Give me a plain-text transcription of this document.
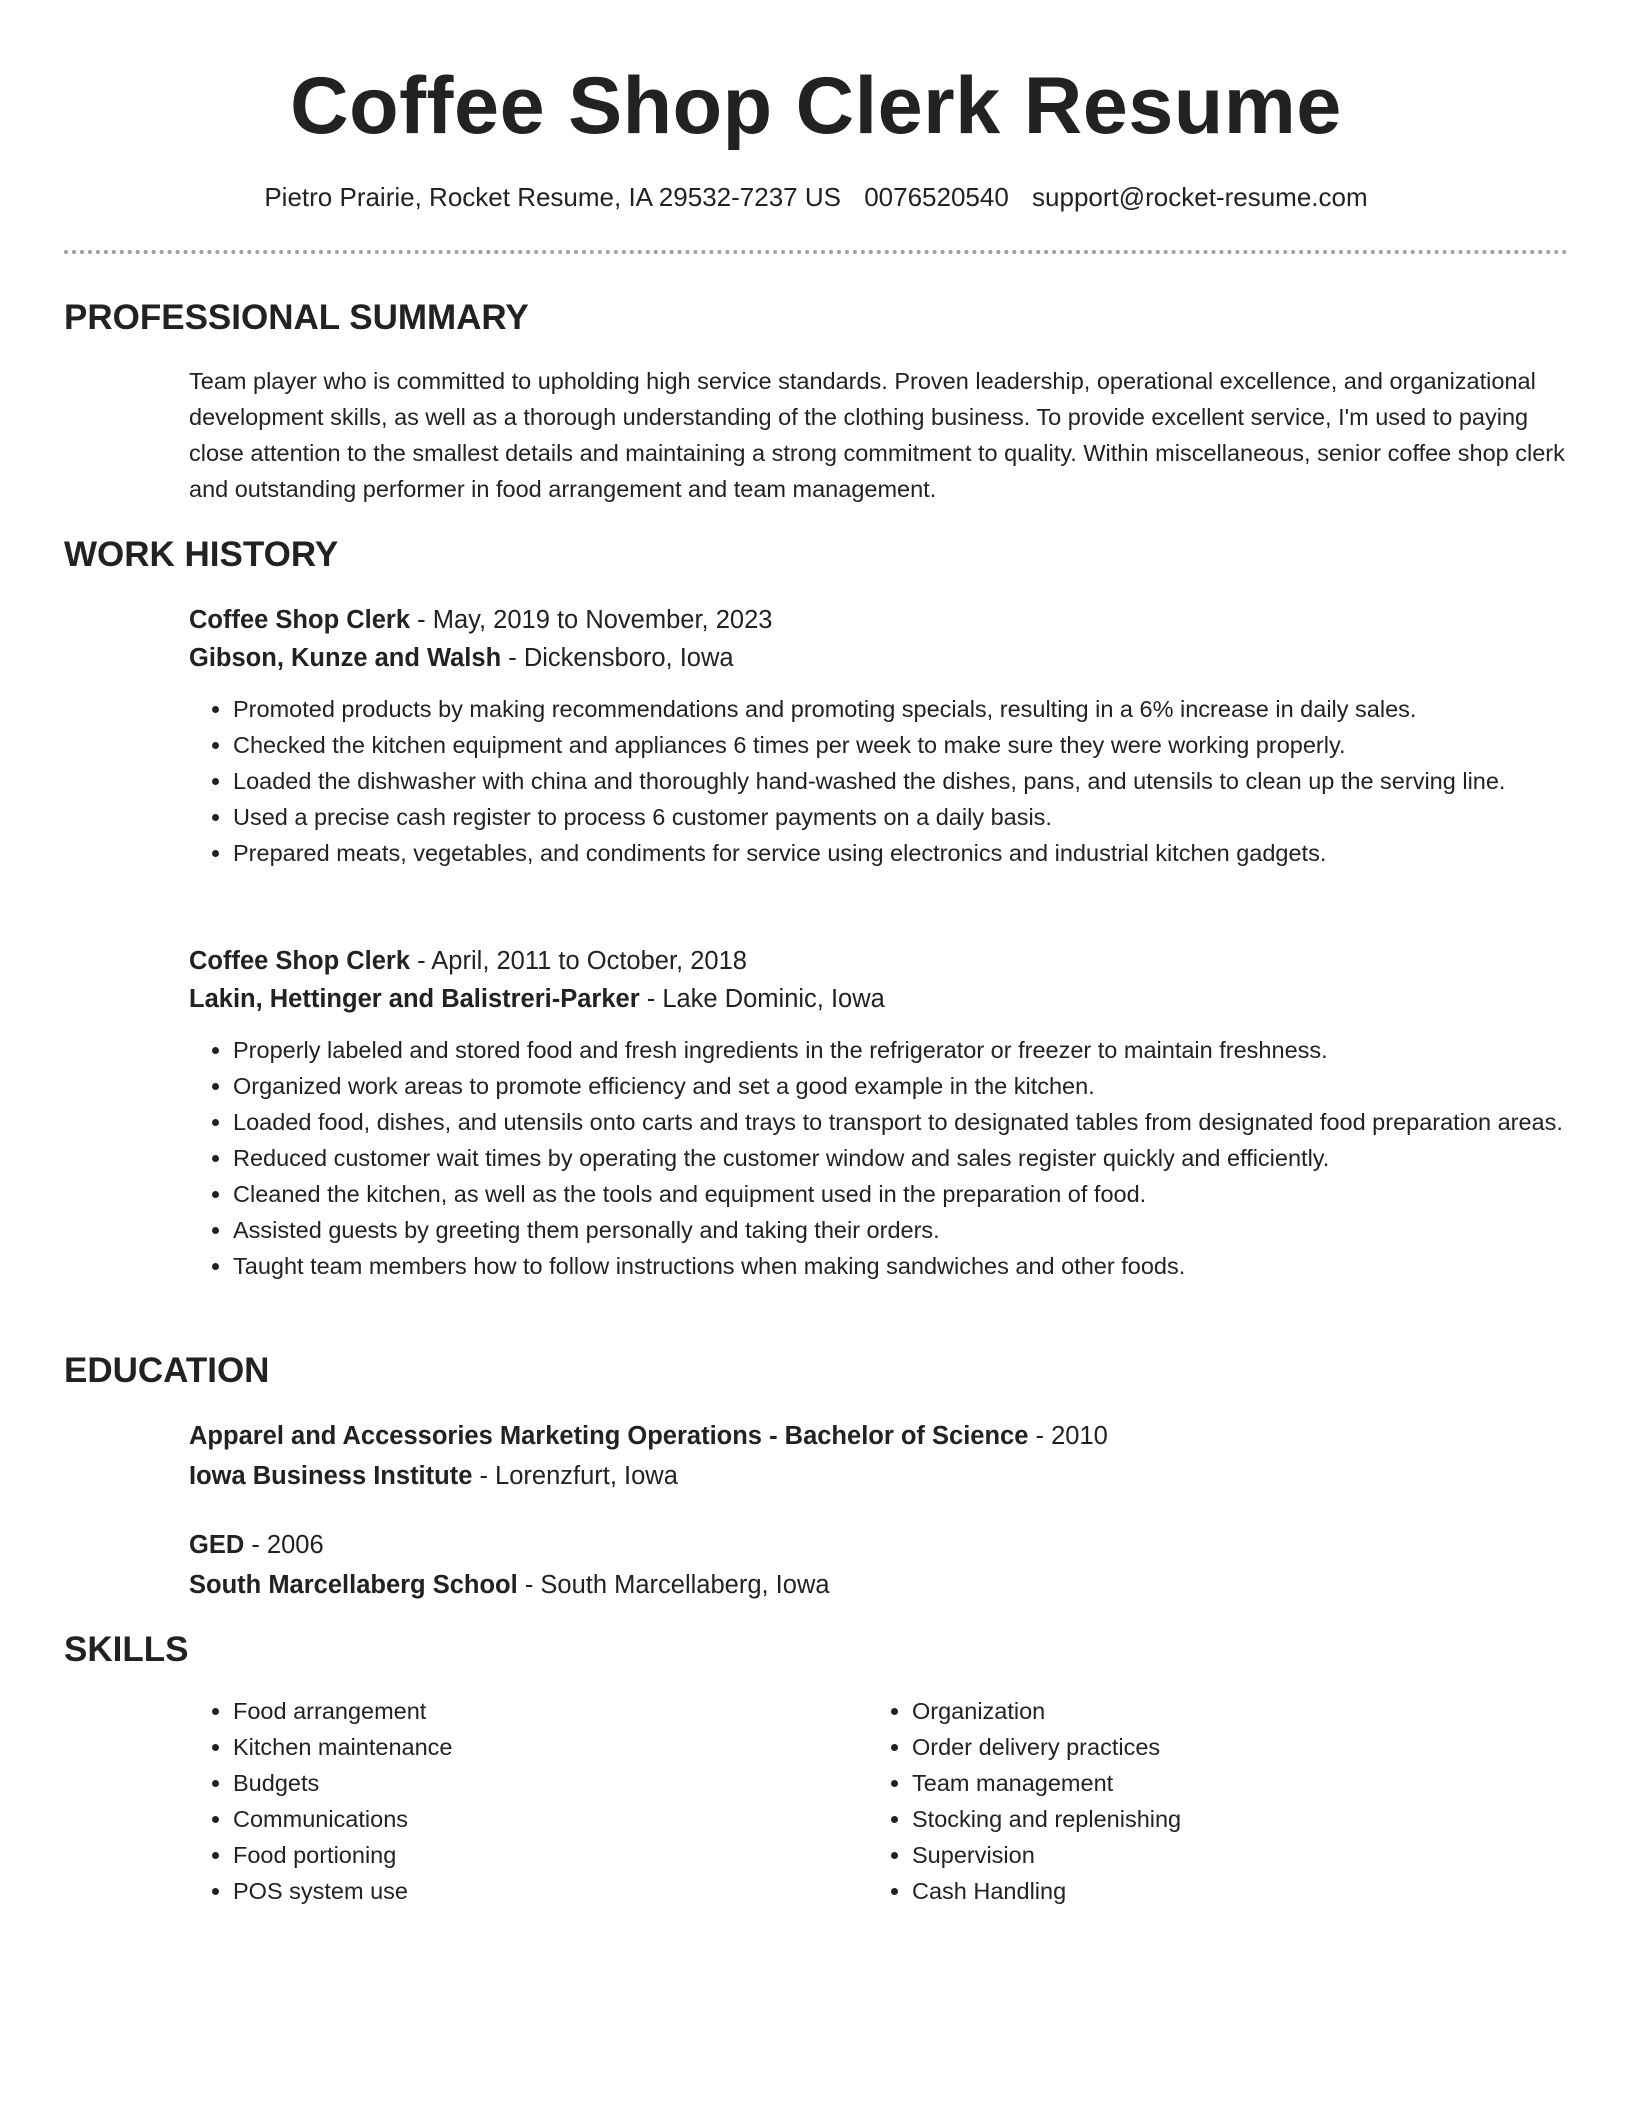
Coffee Shop Clerk Resume
Pietro Prairie, Rocket Resume, IA 29532-7237 US 0076520540 support@rocket-resume.com
PROFESSIONAL SUMMARY

Team player who is committed to upholding high service standards. Proven leadership, operational excellence, and organizational development skills, as well as a thorough understanding of the clothing business. To provide excellent service, I'm used to paying close attention to the smallest details and maintaining a strong commitment to quality. Within miscellaneous, senior coffee shop clerk and outstanding performer in food arrangement and team management.

WORK HISTORY

Coffee Shop Clerk - May, 2019 to November, 2023

Gibson, Kunze and Walsh - Dickensboro, Iowa

• Promoted products by making recommendations and promoting specials, resulting in a 6% increase in daily sales.
• Checked the kitchen equipment and appliances 6 times per week to make sure they were working properly.
• Loaded the dishwasher with china and thoroughly hand-washed the dishes, pans, and utensils to clean up the serving line.
• Used a precise cash register to process 6 customer payments on a daily basis.
• Prepared meats, vegetables, and condiments for service using electronics and industrial kitchen gadgets.

Coffee Shop Clerk - April, 2011 to October, 2018

Lakin, Hettinger and Balistreri-Parker - Lake Dominic, Iowa

• Properly labeled and stored food and fresh ingredients in the refrigerator or freezer to maintain freshness.
• Organized work areas to promote efficiency and set a good example in the kitchen.
• Loaded food, dishes, and utensils onto carts and trays to transport to designated tables from designated food preparation areas.
• Reduced customer wait times by operating the customer window and sales register quickly and efficiently.
• Cleaned the kitchen, as well as the tools and equipment used in the preparation of food.
• Assisted guests by greeting them personally and taking their orders.
• Taught team members how to follow instructions when making sandwiches and other foods.
EDUCATION

Apparel and Accessories Marketing Operations - Bachelor of Science - 2010

Iowa Business Institute - Lorenzfurt, Iowa

GED - 2006

South Marcellaberg School - South Marcellaberg, Iowa

SKILLS
• Food arrangement
• Kitchen maintenance
• Budgets
• Communications
• Food portioning
• POS system use
• Organization
• Order delivery practices
• Team management
• Stocking and replenishing
• Supervision
• Cash Handling
